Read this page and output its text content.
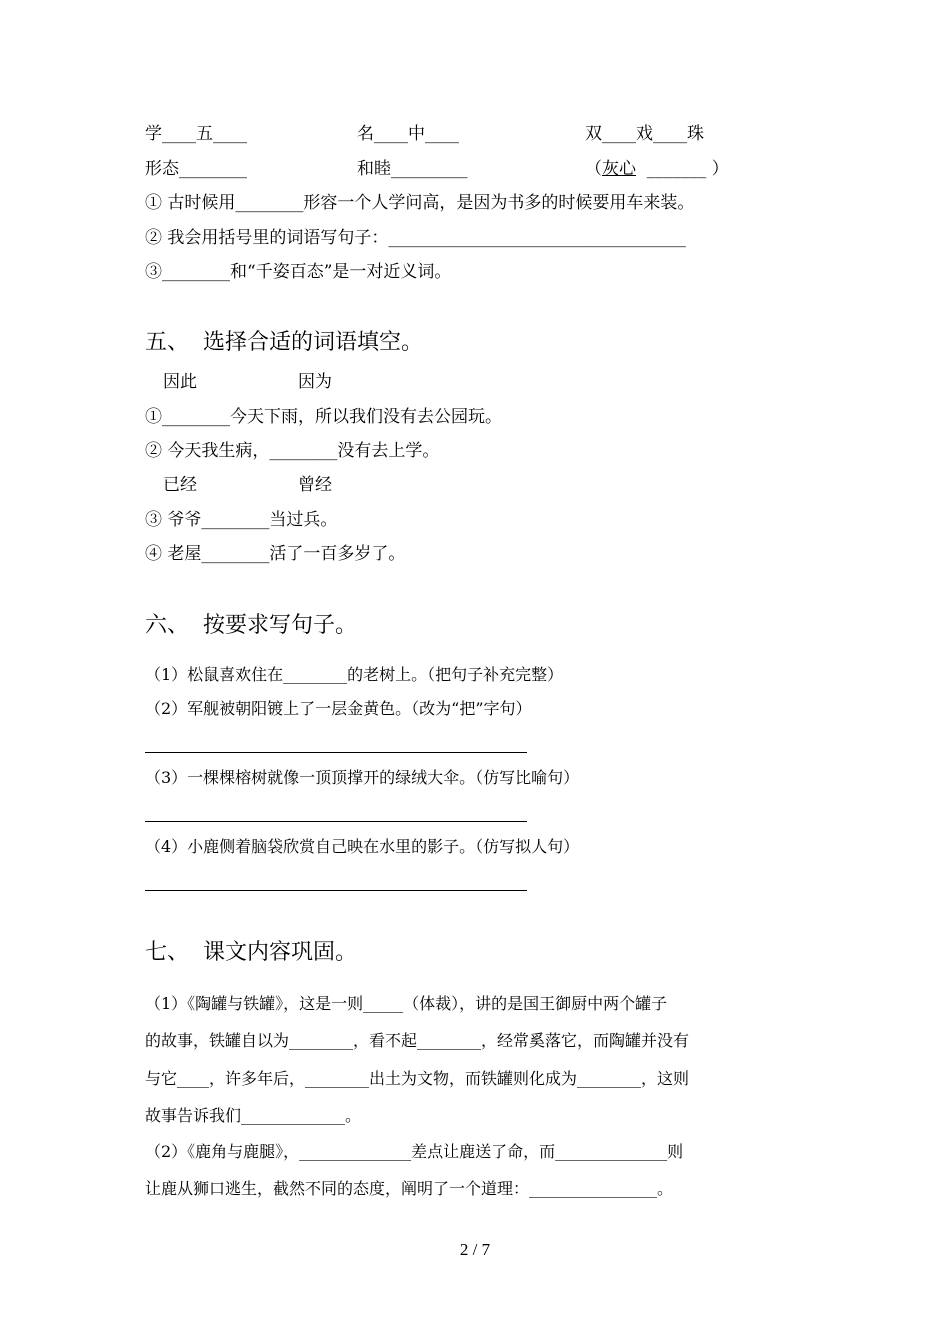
学____五____	名____中____	双____戏____珠
形态________	和睦_________	（灰心  _______ ）
① 古时候用________形容一个人学问高，是因为书多的时候要用车来装。
② 我会用括号里的词语写句子：___________________________________
③________和“千姿百态”是一对近义词。
五、  选择合适的词语填空。
因此	因为
①________今天下雨，所以我们没有去公园玩。
② 今天我生病，________没有去上学。
已经	曾经
③ 爷爷________当过兵。
④ 老屋________活了一百多岁了。
六、  按要求写句子。
（1）松鼠喜欢住在________的老树上。（把句子补充完整）
（2）军舰被朝阳镀上了一层金黄色。（改为“把”字句）
（3）一棵棵榕树就像一顶顶撑开的绿绒大伞。（仿写比喻句）
（4）小鹿侧着脑袋欣赏自己映在水里的影子。（仿写拟人句）
七、  课文内容巩固。
（1）《陶罐与铁罐》，这是一则_____（体裁），讲的是国王御厨中两个罐子
的故事，铁罐自以为________，看不起________，经常奚落它，而陶罐并没有
与它____，许多年后，________出土为文物，而铁罐则化成为________，这则
故事告诉我们_____________。
（2）《鹿角与鹿腿》，______________差点让鹿送了命，而______________则
让鹿从狮口逃生，截然不同的态度，阐明了一个道理：________________。
2 / 7
